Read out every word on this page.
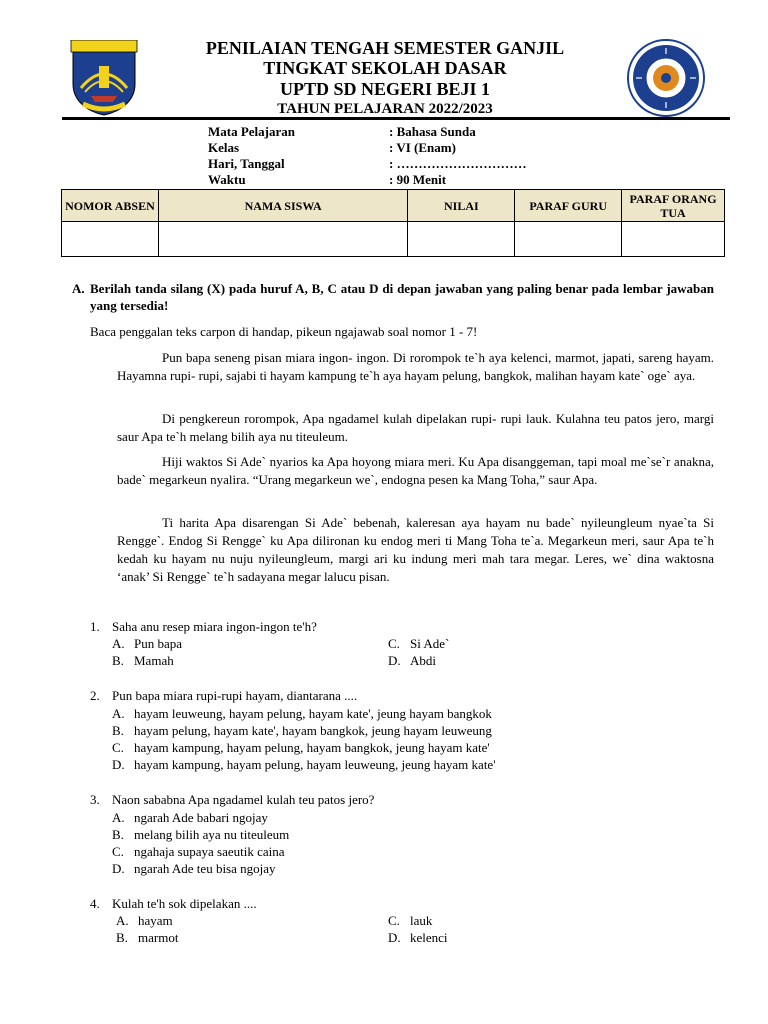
PENILAIAN TENGAH SEMESTER GANJIL
TINGKAT SEKOLAH DASAR
UPTD SD NEGERI BEJI 1
TAHUN PELAJARAN 2022/2023
Mata Pelajaran	: Bahasa Sunda
Kelas	: VI (Enam)
Hari, Tanggal	: …………………………
Waktu	: 90 Menit
NOMOR ABSEN	NAMA SISWA	NILAI	PARAF GURU	PARAF ORANG TUA

A. Berilah tanda silang (X) pada huruf A, B, C atau D di depan jawaban yang paling benar pada lembar jawaban yang tersedia!
Baca penggalan teks carpon di handap, pikeun ngajawab soal nomor 1 - 7!

Pun bapa seneng pisan miara ingon- ingon. Di rorompok te`h aya kelenci, marmot, japati, sareng hayam. Hayamna rupi- rupi, sajabi ti hayam kampung te`h aya hayam pelung, bangkok, malihan hayam kate` oge` aya.

Di pengkereun rorompok, Apa ngadamel kulah dipelakan rupi- rupi lauk. Kulahna teu patos jero, margi saur Apa te`h melang bilih aya nu titeuleum.

Hiji waktos Si Ade` nyarios ka Apa hoyong miara meri. Ku Apa disanggeman, tapi moal me`se`r anakna, bade` megarkeun nyalira. “Urang megarkeun we`, endogna pesen ka Mang Toha,” saur Apa.

Ti harita Apa disarengan Si Ade` bebenah, kaleresan aya hayam nu bade` nyileungleum nyae`ta Si Rengge`. Endog Si Rengge` ku Apa dilironan ku endog meri ti Mang Toha te`a. Megarkeun meri, saur Apa te`h kedah ku hayam nu nuju nyileungleum, margi ari ku indung meri mah tara megar. Leres, we` dina waktosna ‘anak’ Si Rengge` te`h sadayana megar lalucu pisan.

1. Saha anu resep miara ingon-ingon te'h?
A. Pun bapa
B. Mamah
C. Si Ade`
D. Abdi
2. Pun bapa miara rupi-rupi hayam, diantarana ....
A. hayam leuweung, hayam pelung, hayam kate', jeung hayam bangkok
B. hayam pelung, hayam kate', hayam bangkok, jeung hayam leuweung
C. hayam kampung, hayam pelung, hayam bangkok, jeung hayam kate'
D. hayam kampung, hayam pelung, hayam leuweung, jeung hayam kate'
3. Naon sababna Apa ngadamel kulah teu patos jero?
A. ngarah Ade babari ngojay
B. melang bilih aya nu titeuleum
C. ngahaja supaya saeutik caina
D. ngarah Ade teu bisa ngojay
4. Kulah te'h sok dipelakan ....
A. hayam
B. marmot
C. lauk
D. kelenci
